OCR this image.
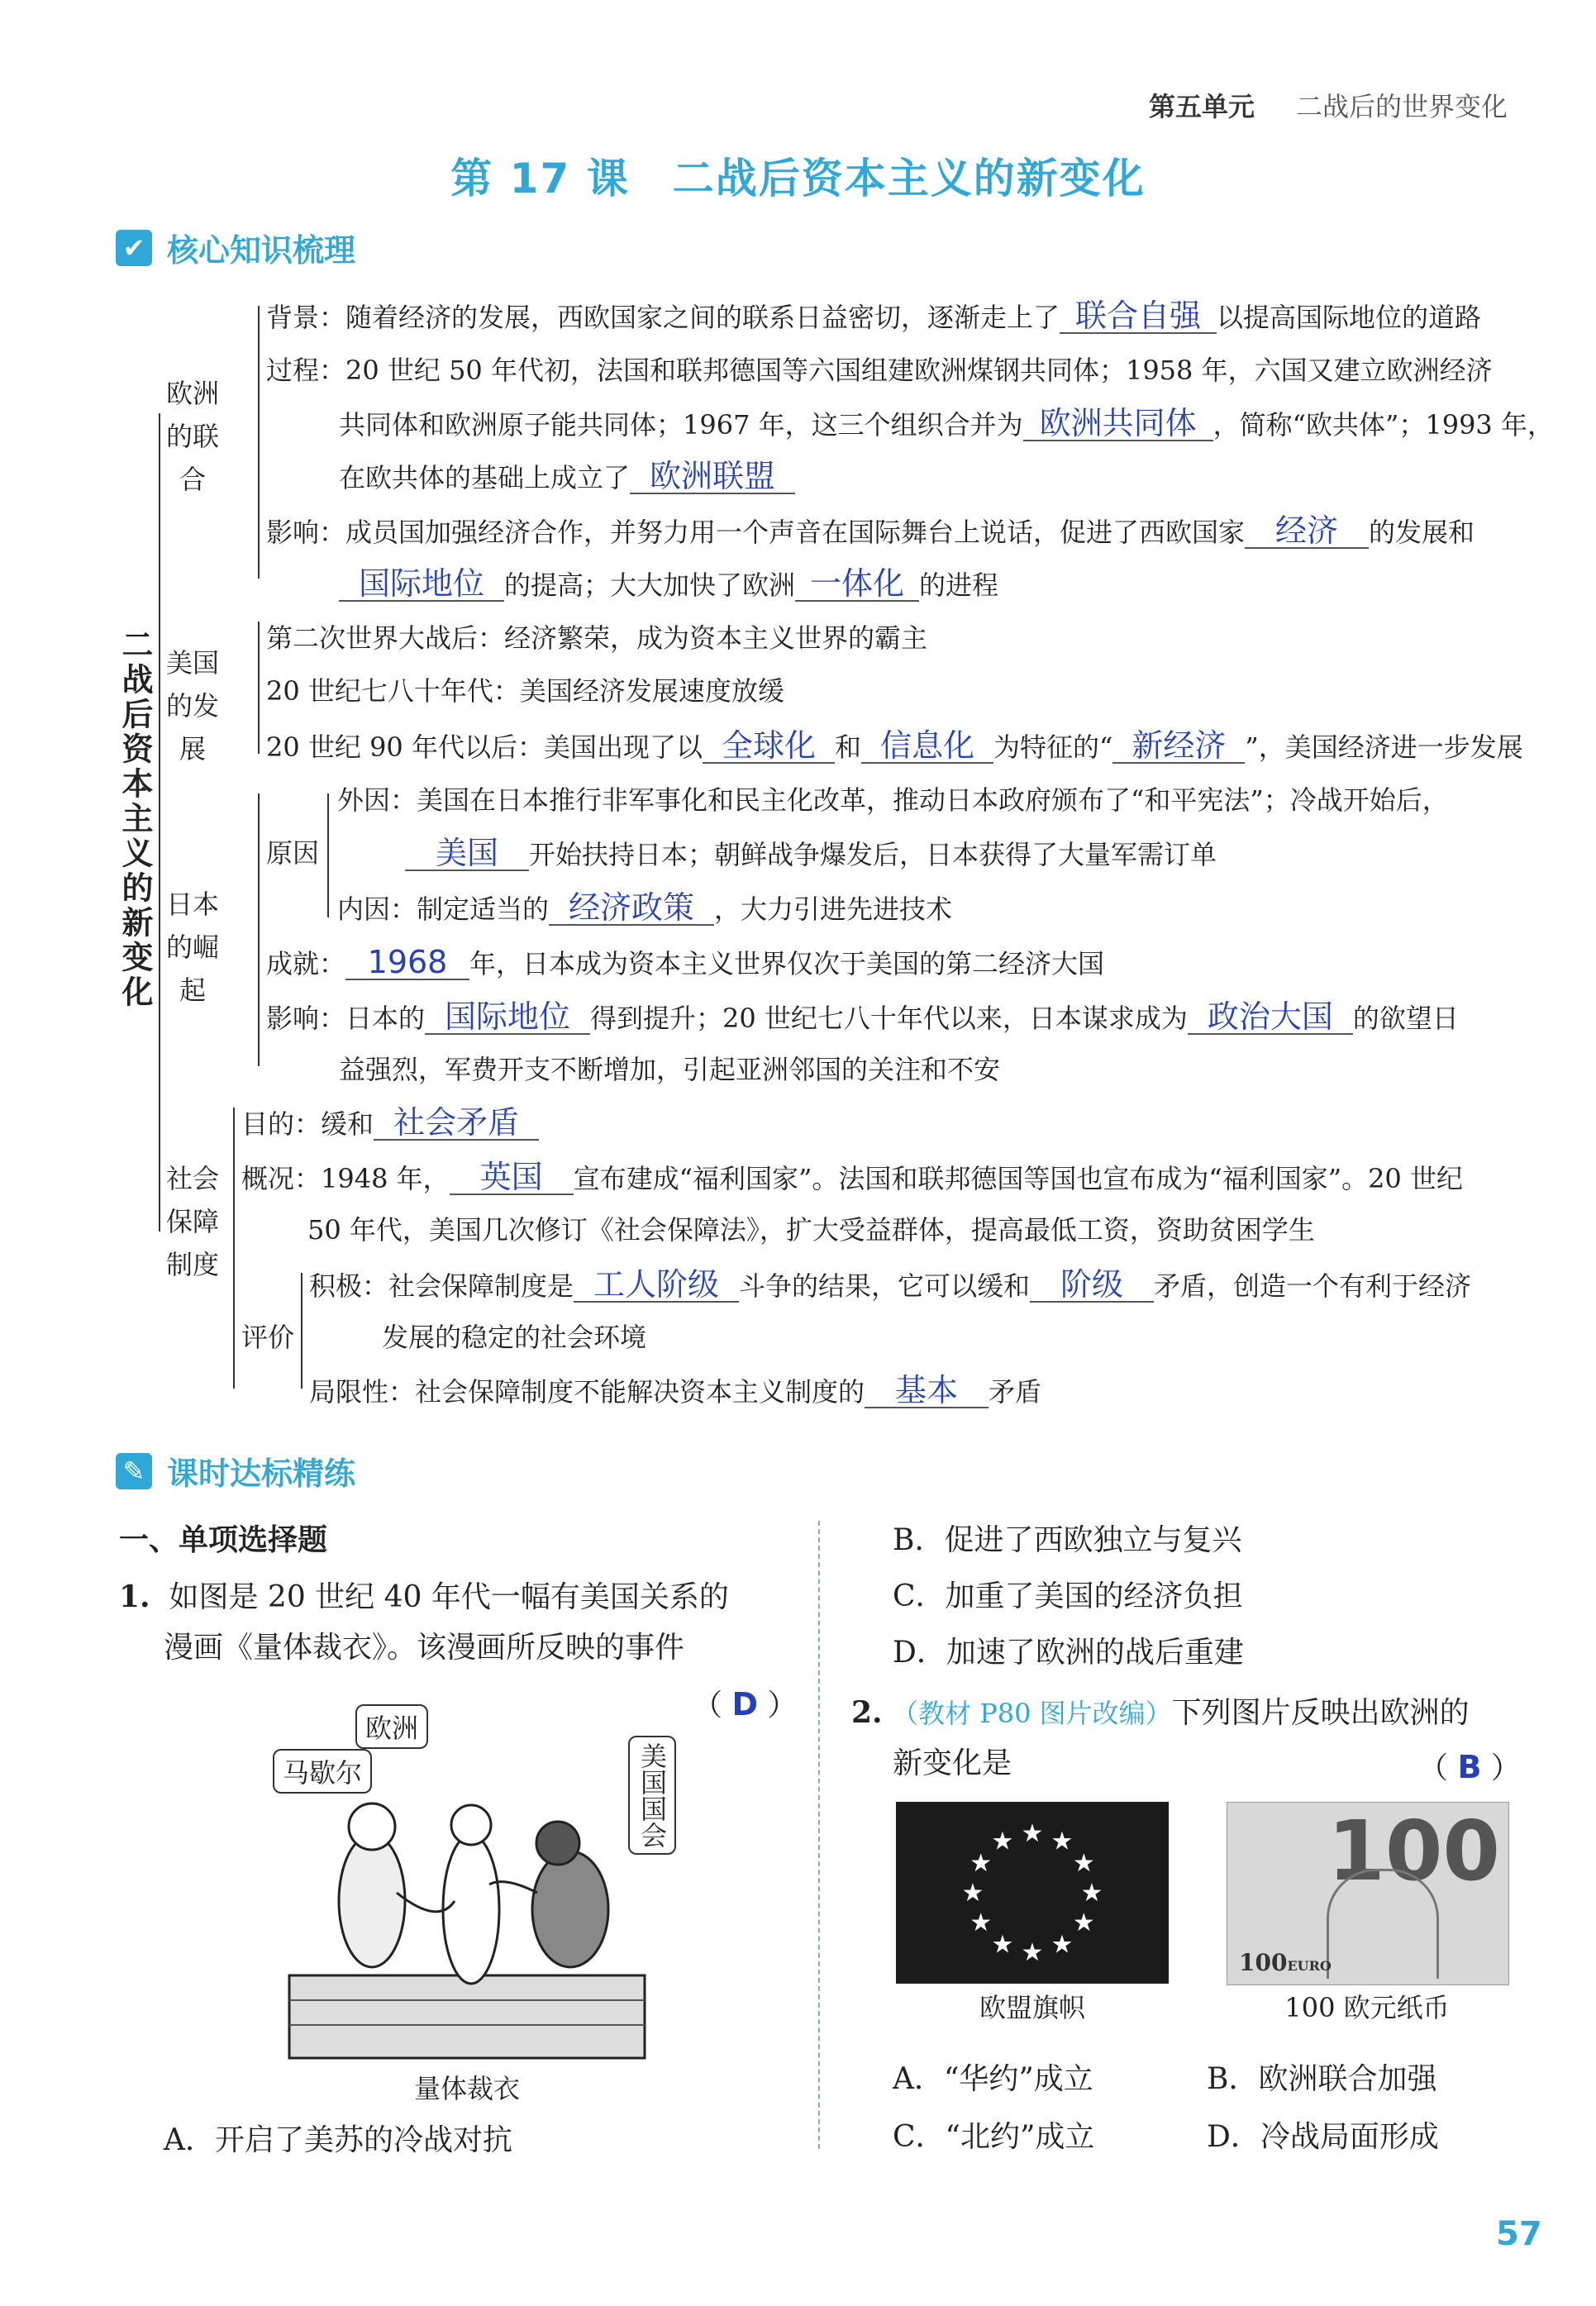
第五单元 二战后的世界变化
第 17 课　二战后资本主义的新变化
✔ 核心知识梳理
二战后资本主义的新变化
欧洲的联合
背景：随着经济的发展，西欧国家之间的联系日益密切，逐渐走上了 联合自强 以提高国际地位的道路
过程：20 世纪 50 年代初，法国和联邦德国等六国组建欧洲煤钢共同体；1958 年，六国又建立欧洲经济
共同体和欧洲原子能共同体；1967 年，这三个组织合并为 欧洲共同体 ，简称“欧共体”；1993 年，
在欧共体的基础上成立了 欧洲联盟
影响：成员国加强经济合作，并努力用一个声音在国际舞台上说话，促进了西欧国家 经济 的发展和
国际地位 的提高；大大加快了欧洲 一体化 的进程
美国的发展
第二次世界大战后：经济繁荣，成为资本主义世界的霸主
20 世纪七八十年代：美国经济发展速度放缓
20 世纪 90 年代以后：美国出现了以 全球化 和 信息化 为特征的“ 新经济 ”，美国经济进一步发展
日本的崛起
原因
外因：美国在日本推行非军事化和民主化改革，推动日本政府颁布了“和平宪法”；冷战开始后，
美国 开始扶持日本；朝鲜战争爆发后，日本获得了大量军需订单
内因：制定适当的 经济政策 ，大力引进先进技术
成就： 1968 年，日本成为资本主义世界仅次于美国的第二经济大国
影响：日本的 国际地位 得到提升；20 世纪七八十年代以来，日本谋求成为 政治大国 的欲望日
益强烈，军费开支不断增加，引起亚洲邻国的关注和不安
社会保障制度
目的：缓和 社会矛盾
概况：1948 年， 英国 宣布建成“福利国家”。法国和联邦德国等国也宣布成为“福利国家”。20 世纪
50 年代，美国几次修订《社会保障法》，扩大受益群体，提高最低工资，资助贫困学生
评价
积极：社会保障制度是 工人阶级 斗争的结果，它可以缓和 阶级 矛盾，创造一个有利于经济
发展的稳定的社会环境
局限性：社会保障制度不能解决资本主义制度的 基本 矛盾
✎ 课时达标精练
一、单项选择题
1. 如图是 20 世纪 40 年代一幅有美国关系的
漫画《量体裁衣》。该漫画所反映的事件
（ D ）
马歇尔
欧洲
美国国会
量体裁衣
A．开启了美苏的冷战对抗
B．促进了西欧独立与复兴
C．加重了美国的经济负担
D．加速了欧洲的战后重建
2. （教材 P80 图片改编）下列图片反映出欧洲的
新变化是	（ B ）
★ ★
★
★
★
★
★
★
★
★
★
★
欧盟旗帜
100
100EURO
100 欧元纸币
A．“华约”成立	B．欧洲联合加强
C．“北约”成立	D．冷战局面形成
57
